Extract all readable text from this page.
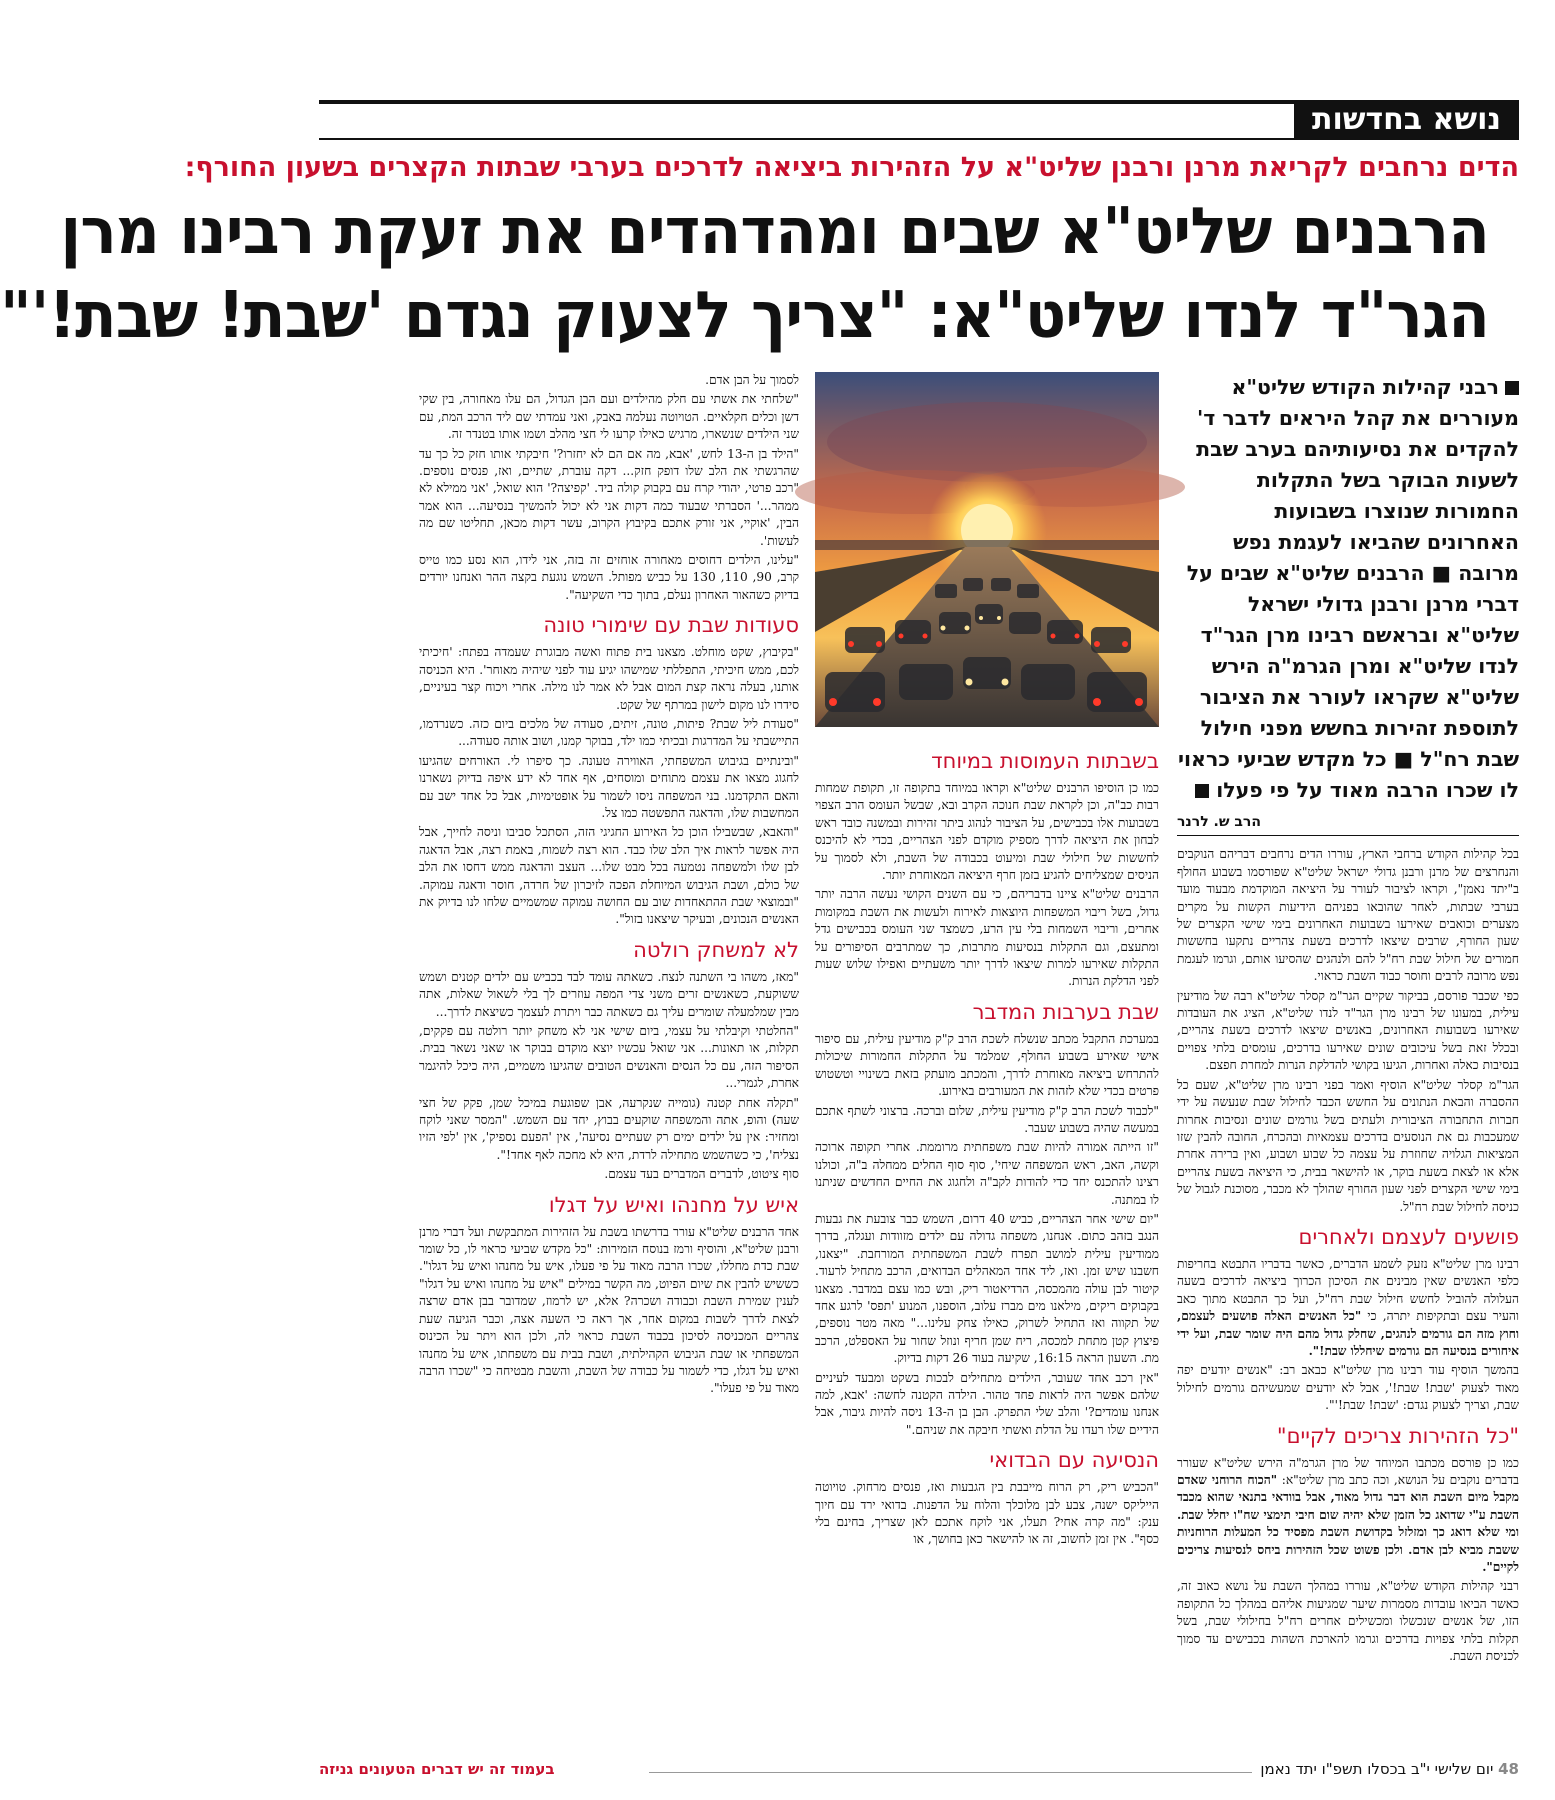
נושא בחדשות
הדים נרחבים לקריאת מרנן ורבנן שליט"א על הזהירות ביציאה לדרכים בערבי שבתות הקצרים בשעון החורף:
הרבנים שליט"א שבים ומהדהדים את זעקת רבינו מרן
הגר"ד לנדו שליט"א: "צריך לצעוק נגדם 'שבת! שבת!'"
רבני קהילות הקודש שליט"א מעוררים את קהל היראים לדבר ד' להקדים את נסיעותיהם בערב שבת לשעות הבוקר בשל התקלות החמורות שנוצרו בשבועות האחרונים שהביאו לעגמת נפש מרובה ■ הרבנים שליט"א שבים על דברי מרנן ורבנן גדולי ישראל שליט"א ובראשם רבינו מרן הגר"ד לנדו שליט"א ומרן הגרמ"ה הירש שליט"א שקראו לעורר את הציבור לתוספת זהירות בחשש מפני חילול שבת רח"ל ■ כל מקדש שביעי כראוי לו שכרו הרבה מאוד על פי פעלו
הרב ש. לרנר

בכל קהילות הקודש ברחבי הארץ, עוררו הדים נרחבים דבריהם הנוקבים והנחרצים של מרנן ורבנן גדולי ישראל שליט"א שפורסמו בשבוע החולף ב"יתד נאמן", וקראו לציבור לעורר על היציאה המוקדמת מבעוד מועד בערבי שבתות, לאחר שהובאו בפניהם הידיעות הקשות על מקרים מצערים וכואבים שאירעו בשבועות האחרונים בימי שישי הקצרים של שעון החורף, שרבים שיצאו לדרכים בשעת צהריים נתקעו בחששות חמורים של חילול שבת רח"ל להם ולנהגים שהסיעו אותם, וגרמו לעגמת נפש מרובה לרבים וחוסר כבוד השבת כראוי.

כפי שכבר פורסם, בביקור שקיים הגר"מ קסלר שליט"א רבה של מודיעין עילית, במעונו של רבינו מרן הגר"ד לנדו שליט"א, הציג את העובדות שאירעו בשבועות האחרונים, באנשים שיצאו לדרכים בשעת צהריים, ובכלל זאת בשל עיכובים שונים שאירעו בדרכים, עומסים בלתי צפויים בנסיבות כאלה ואחרות, הגיעו בקושי להדלקת הנרות למחרת חפצם.

הגר"מ קסלר שליט"א הוסיף ואמר בפני רבינו מרן שליט"א, שעם כל ההסברה והבאת הנתונים על החשש הכבד לחילול שבת שנעשה על ידי חברות התחבורה הציבורית ולעתים בשל גורמים שונים ונסיבות אחרות שמעכבות גם את הנוסעים בדרכים עצמאיות ובהכרח, החובה להבין שזו המציאות הגלויה שחוזרת על עצמה כל שבוע ושבוע, ואין ברירה אחרת אלא או לצאת בשעת בוקר, או להישאר בבית, כי היציאה בשעת צהריים בימי שישי הקצרים לפני שעון החורף שהולך לא מכבר, מסוכנת לגבול של כניסה לחילול שבת רח"ל.

פושעים לעצמם ולאחרים

רבינו מרן שליט"א נזעק לשמע הדברים, כאשר בדבריו התבטא בחריפות כלפי האנשים שאין מבינים את הסיכון הכרוך ביציאה לדרכים בשעה העלולה להוביל לחשש חילול שבת רח"ל, ועל כך התבטא מתוך כאב והעיר עצם ובתקיפות יתרה, כי "כל האנשים האלה פושעים לעצמם, וחוץ מזה הם גורמים לנהגים, שחלק גדול מהם היה שומר שבת, ועל ידי איחורים בנסיעה הם גורמים שיחללו שבת!".

בהמשך הוסיף עוד רבינו מרן שליט"א כבאב רב: "אנשים יודעים יפה מאוד לצעוק 'שבת! שבת!', אבל לא יודעים שמעשיהם גורמים לחילול שבת, וצריך לצעוק נגדם: 'שבת! שבת!'".

"כל הזהירות צריכים לקיים"

כמו כן פורסם מכתבו המיוחד של מרן הגרמ"ה הירש שליט"א שעורר בדברים נוקבים על הנושא, וכה כתב מרן שליט"א: "הכוח הרוחני שאדם מקבל מיום השבת הוא דבר גדול מאוד, אבל בוודאי בתנאי שהוא מכבד השבת ע"י שדואג כל הזמן שלא יהיה שום חיבי תימצי שח"ו יחלל שבת. ומי שלא דואג כך ומזלזל בקדושת השבת מפסיד כל המעלות הרוחניות ששבת מביא לבן אדם. ולכן פשוט שכל הזהירות ביחס לנסיעות צריכים לקיים".

רבני קהילות הקודש שליט"א, עוררו במהלך השבת על נושא כאוב זה, כאשר הביאו עובדות מסמרות שיער שמגיעות אליהם במהלך כל התקופה הזו, של אנשים שנכשלו ומכשילים אחרים רח"ל בחילולי שבת, בשל תקלות בלתי צפויות בדרכים וגרמו להארכת השהות בכבישים עד סמוך לכניסת השבת.

בשבתות העמוסות במיוחד

כמו כן הוסיפו הרבנים שליט"א וקראו במיוחד בתקופה זו, תקופת שמחות רבות כב"ה, וכן לקראת שבת חנוכה הקרב ובא, שבשל העומס הרב הצפוי בשבועות אלו בכבישים, על הציבור לנהוג ביתר זהירות ובמשנה כובד ראש לבחון את היציאה לדרך מספיק מוקדם לפני הצהריים, בכדי לא להיכנס לחששות של חילולי שבת ומיעוט בכבודה של השבת, ולא לסמוך על הניסים שמצליחים להגיע בזמן חרף היציאה המאוחרת יותר.

הרבנים שליט"א ציינו בדבריהם, כי עם השנים הקושי נעשה הרבה יותר גדול, בשל ריבוי המשפחות היוצאות לאירוח ולעשות את השבת במקומות אחרים, וריבוי השמחות בלי עין הרע, כשמצד שני העומס בכבישים גדל ומתעצם, וגם התקלות בנסיעות מתרבות, כך שמתרבים הסיפורים על התקלות שאירעו למרות שיצאו לדרך יותר משעתיים ואפילו שלוש שעות לפני הדלקת הנרות.

שבת בערבות המדבר

במערכת התקבל מכתב שנשלח לשכת הרב ק"ק מודיעין עילית, עם סיפור אישי שאירע בשבוע החולף, שמלמד על התקלות החמורות שיכולות להתרחש ביציאה מאוחרת לדרך, והמכתב מועתק בזאת בשינויי וטשטוש פרטים בכדי שלא לזהות את המעורבים באירוע.

"לכבוד לשכת הרב ק"ק מודיעין עילית, שלום וברכה. ברצוני לשתף אתכם במעשה שהיה בשבוע שעבר.

"זו הייתה אמורה להיות שבת משפחתית מרוממת. אחרי תקופה ארוכה וקשה, האב, ראש המשפחה שיחי', סוף סוף החלים ממחלה ב"ה, וכולנו רצינו להתכנס יחד כדי להודות לקב"ה ולחגוג את החיים החדשים שניתנו לו במתנה.

"יום שישי אחר הצהריים, כביש 40 דרום, השמש כבר צובעת את גבעות הנגב בזהב כתום. אנחנו, משפחה גדולה עם ילדים מזוודות ועגלה, בדרך ממודיעין עילית למושב תפרח לשבת המשפחתית המורחבת. "יצאנו, חשבנו שיש זמן. ואז, ליד אחד המאהלים הבדואים, הרכב מתחיל לרעוד. קיטור לבן עולה מהמכסה, הרדיאטור ריק, ובש כמו עצם במדבר. מצאנו בקבוקים ריקים, מילאנו מים מברז עלוב, הוספנו, המנוע 'תפס' לרגע אחד של תקווה ואז התחיל לשרוק, כאילו צחק עלינו..." מאה מטר נוספים, פיצוץ קטן מתחת למכסה, ריח שמן חריף ונוזל שחור על האספלט, הרכב מת. השעון הראה 16:15, שקיעה בעוד 26 דקות בדיוק.

"אין רכב אחד שעובר, הילדים מתחילים לבכות בשקט ומבעד לעיניים שלהם אפשר היה לראות פחד טהור. הילדה הקטנה לחשה: 'אבא, למה אנחנו עומדים?' והלב שלי התפרק. הבן בן ה-13 ניסה להיות גיבור, אבל הידיים שלו רעדו על הדלת ואשתי חיבקה את שניהם."

הנסיעה עם הבדואי

"הכביש ריק, רק הרוח מייבבת בין הגבעות ואז, פנסים מרחוק. טויוטה הייליקס ישנה, צבע לבן מלוכלך והלוח על הדפנות. בדואי ירד עם חיוך ענק: "מה קרה אחי? תעלו, אני לוקח אתכם לאן שצריך, בחינם בלי כסף". אין זמן לחשוב, זה או להישאר כאן בחושך, או

לסמוך על הבן אדם.

"שלחתי את אשתי עם חלק מהילדים ועם הבן הגדול, הם עלו מאחורה, בין שקי דשן וכלים חקלאיים. הטויוטה נעלמה באבק, ואני עמדתי שם ליד הרכב המת, עם שני הילדים שנשארו, מרגיש כאילו קרעו לי חצי מהלב ושמו אותו בטנדר זה.

"הילד בן ה-13 לחש, 'אבא, מה אם הם לא יחזרו?' חיבקתי אותו חזק כל כך עד שהרגשתי את הלב שלו דופק חזק... דקה עוברת, שתיים, ואז, פנסים נוספים. "רכב פרטי, יהודי קרח עם בקבוק קולה ביד. 'קפיצה?' הוא שואל, 'אני ממילא לא ממהר...' הסברתי שבעוד כמה דקות אני לא יכול להמשיך בנסיעה... הוא אמר הבין, 'אוקיי, אני זורק אתכם בקיבוץ הקרוב, עשר דקות מכאן, תחליטו שם מה לעשות'.

"עלינו, הילדים דחוסים מאחורה אוחזים זה בזה, אני לידו, הוא נסע כמו טייס קרב, 90, 110, 130 על כביש מפותל. השמש נוגעת בקצה ההר ואנחנו יורדים בדיוק כשהאור האחרון נעלם, בתוך כדי השקיעה".

סעודות שבת עם שימורי טונה

"בקיבוץ, שקט מוחלט. מצאנו בית פתוח ואשה מבוגרת שעמדה בפתח: 'חיכיתי לכם, ממש חיכיתי, התפללתי שמישהו יגיע עוד לפני שיהיה מאוחר'. היא הכניסה אותנו, בעלה נראה קצת המום אבל לא אמר לנו מילה. אחרי ויכוח קצר בעיניים, סידרו לנו מקום לישון במרתף של שקט.

"סעודת ליל שבת? פיתות, טונה, זיתים, סעודה של מלכים ביום כזה. כשנרדמו, התיישבתי על המדרגות ובכיתי כמו ילד, בבוקר קמנו, ושוב אותה סעודה...

"ובינתיים בגיבוש המשפחתי, האווירה טעונה. כך סיפרו לי. האורחים שהגיעו לחגוג מצאו את עצמם מתוחים ומוסחים, אף אחד לא ידע איפה בדיוק נשארנו והאם התקדמנו. בני המשפחה ניסו לשמור על אופטימיות, אבל כל אחד ישב עם המחשבות שלו, והדאגה התפשטה כמו צל.

"והאבא, שבשבילו הוכן כל האירוע החגיגי הזה, הסתכל סביבו וניסה לחייך, אבל היה אפשר לראות איך הלב שלו כבד. הוא רצה לשמוח, באמת רצה, אבל הדאגה לבן שלו ולמשפחה נטמעה בכל מבט שלו... העצב והדאגה ממש דחסו את הלב של כולם, ושבת הגיבוש המיוחלת הפכה לזיכרון של חרדה, חוסר ודאגה עמוקה. "ובמוצאי שבת ההתאחדות שוב עם החושה עמוקה שמשמיים שלחו לנו בדיוק את האנשים הנכונים, ובעיקר שיצאנו בזול".

לא למשחק רולטה

"מאז, משהו בי השתנה לנצח. כשאתה עומד לבד בכביש עם ילדים קטנים ושמש ששוקעת, כשאנשים זרים משני צדי המפה עוזרים לך בלי לשאול שאלות, אתה מבין שמלמעלה שומרים עליך גם כשאתה כבר ויתרת לעצמך כשיצאת לדרך...

"החלטתי וקיבלתי על עצמי, ביום שישי אני לא משחק יותר רולטה עם פקקים, תקלות, או תאונות... אני שואל עכשיו יוצא מוקדם בבוקר או שאני נשאר בבית. הסיפור הזה, עם כל הנסים והאנשים הטובים שהגיעו משמיים, היה כיכל להיגמר אחרת, לגמרי...

"תקלה אחת קטנה (גומייה שנקרעה, אבן שפוגעת במיכל שמן, פקק של חצי שעה) והופ, אתה והמשפחה שוקעים בבוץ, יחד עם השמש. "המסר שאני לוקח ומחזיר: אין על ילדים ימים רק שעתיים נסיעה', אין 'הפעם נספיק', אין 'לפי הזיו נצליח', כי כשהשמש מתחילה לרדת, היא לא מחכה לאף אחד!".

סוף ציטוט, לדברים המדברים בעד עצמם.

איש על מחנהו ואיש על דגלו

אחד הרבנים שליט"א עורר בדרשתו בשבת על הזהירות המתבקשת ועל דברי מרנן ורבנן שליט"א, והוסיף ורמז בנוסח הזמירות: "כל מקדש שביעי כראוי לו, כל שומר שבת כדת מחללו, שכרו הרבה מאוד על פי פעלו, איש על מחנהו ואיש על דגלו". כששיש להבין את שיום הפיוט, מה הקשר במילים "איש על מחנהו ואיש על דגלו" לענין שמירת השבת וכבודה ושכרה? אלא, יש לרמוז, שמדובר בבן אדם שרצה לצאת לדרך לשבות במקום אחר, אך ראה כי השעה אצה, וכבר הגיעה שעת צהריים המכניסה לסיכון בכבוד השבת כראוי לה, ולכן הוא ויתר על הכינוס המשפחתי או שבת הגיבוש הקהילתית, ושבת בבית עם משפחתו, איש על מחנהו ואיש על דגלו, כדי לשמור על כבודה של השבת, והשבת מבטיחה כי "שכרו הרבה מאוד על פי פעלו".

48 יום שלישי י"ב בכסלו תשפ"ו יתד נאמן
בעמוד זה יש דברים הטעונים גניזה
